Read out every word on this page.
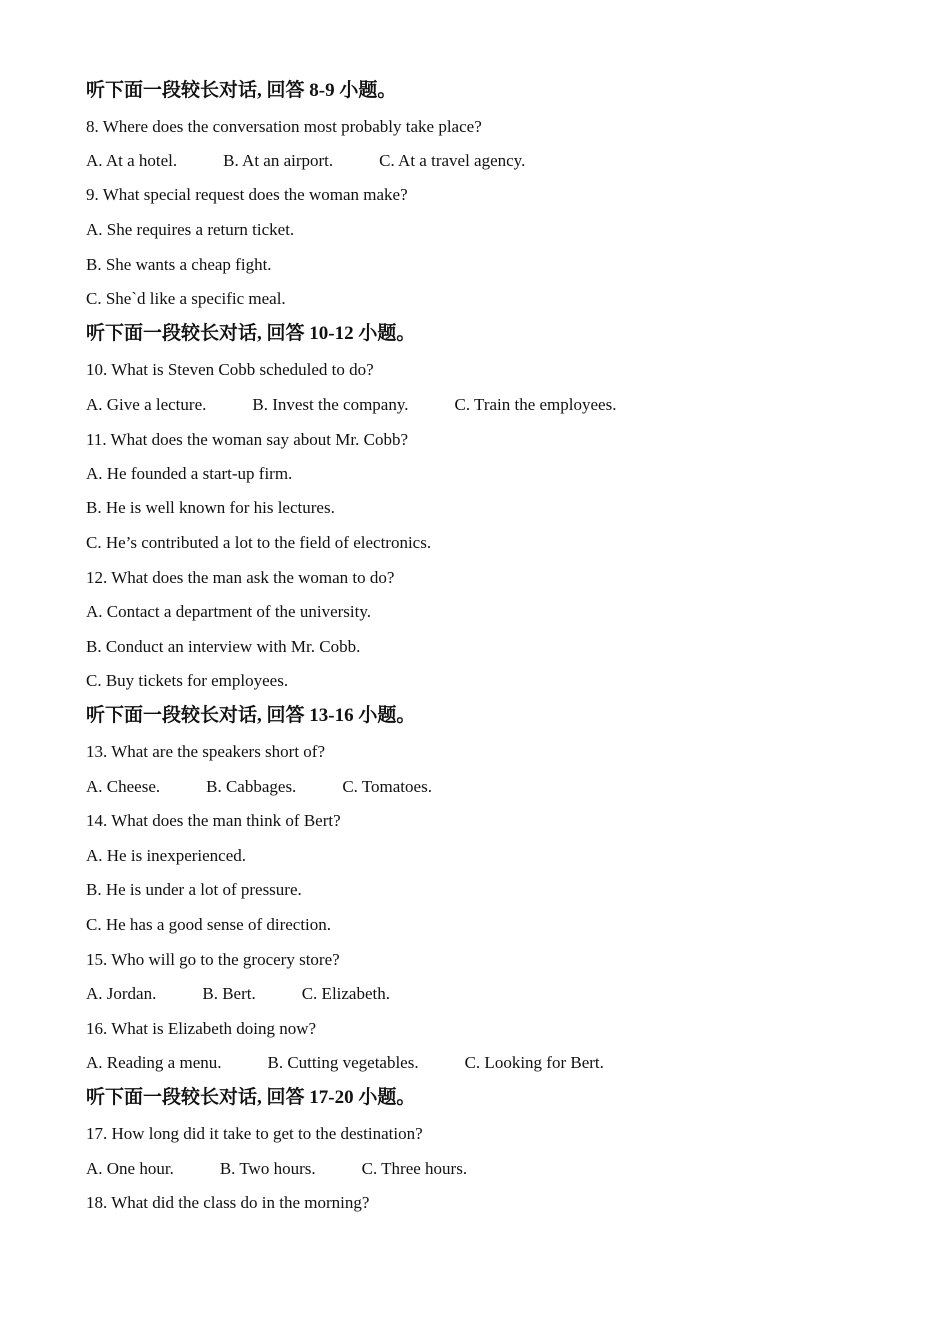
听下面一段较长对话, 回答 8-9 小题。
8. Where does the conversation most probably take place?
A. At a hotel.	B. At an airport.	C. At a travel agency.
9. What special request does the woman make?
A. She requires a return ticket.
B. She wants a cheap fight.
C. She`d like a specific meal.
听下面一段较长对话, 回答 10-12 小题。
10. What is Steven Cobb scheduled to do?
A. Give a lecture.	B. Invest the company.	C. Train the employees.
11. What does the woman say about Mr. Cobb?
A. He founded a start-up firm.
B. He is well known for his lectures.
C. He’s contributed a lot to the field of electronics.
12. What does the man ask the woman to do?
A. Contact a department of the university.
B. Conduct an interview with Mr. Cobb.
C. Buy tickets for employees.
听下面一段较长对话, 回答 13-16 小题。
13. What are the speakers short of?
A. Cheese.	B. Cabbages.	C. Tomatoes.
14. What does the man think of Bert?
A. He is inexperienced.
B. He is under a lot of pressure.
C. He has a good sense of direction.
15. Who will go to the grocery store?
A. Jordan.	B. Bert.	C. Elizabeth.
16. What is Elizabeth doing now?
A. Reading a menu.	B. Cutting vegetables.	C. Looking for Bert.
听下面一段较长对话, 回答 17-20 小题。
17. How long did it take to get to the destination?
A. One hour.	B. Two hours.	C. Three hours.
18. What did the class do in the morning?
